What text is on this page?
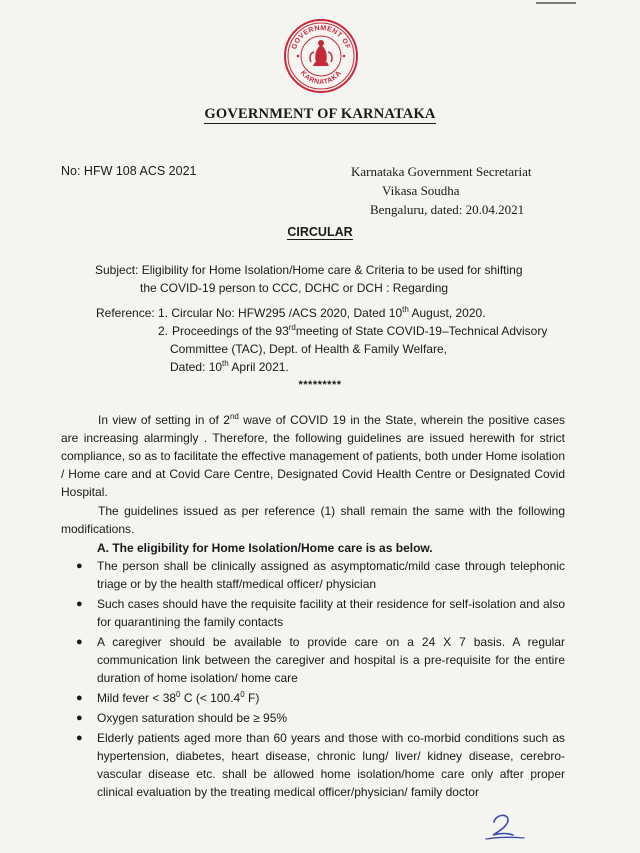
GOVERNMENT OF
KARNATAKA
GOVERNMENT OF KARNATAKA
No: HFW 108 ACS 2021	Karnataka Government Secretariat
Vikasa Soudha
Bengaluru, dated: 20.04.2021
CIRCULAR
Subject: Eligibility for Home Isolation/Home care & Criteria to be used for shifting
the COVID-19 person to CCC, DCHC or DCH : Regarding
Reference: 1. Circular No: HFW295 /ACS 2020, Dated 10th August, 2020.
2. Proceedings of the 93rdmeeting of State COVID-19–Technical Advisory
Committee (TAC), Dept. of Health & Family Welfare,
Dated: 10th April 2021.
*********
In view of setting in of 2nd wave of COVID 19 in the State, wherein the positive cases are increasing alarmingly . Therefore, the following guidelines are issued herewith for strict compliance, so as to facilitate the effective management of patients, both under Home isolation / Home care and at Covid Care Centre, Designated Covid Health Centre or Designated Covid Hospital.
The guidelines issued as per reference (1) shall remain the same with the following modifications.
A. The eligibility for Home Isolation/Home care is as below.
●	The person shall be clinically assigned as asymptomatic/mild case through telephonic triage or by the health staff/medical officer/ physician
●	Such cases should have the requisite facility at their residence for self-isolation and also for quarantining the family contacts
●	A caregiver should be available to provide care on a 24 X 7 basis. A regular communication link between the caregiver and hospital is a pre-requisite for the entire duration of home isolation/ home care
●	Mild fever < $38^0$ C (< $100.4^0$ F)
●	Oxygen saturation should be ≥ 95%
●	Elderly patients aged more than 60 years and those with co-morbid conditions such as hypertension, diabetes, heart disease, chronic lung/ liver/ kidney disease, cerebro-vascular disease etc. shall be allowed home isolation/home care only after proper clinical evaluation by the treating medical officer/physician/ family doctor
